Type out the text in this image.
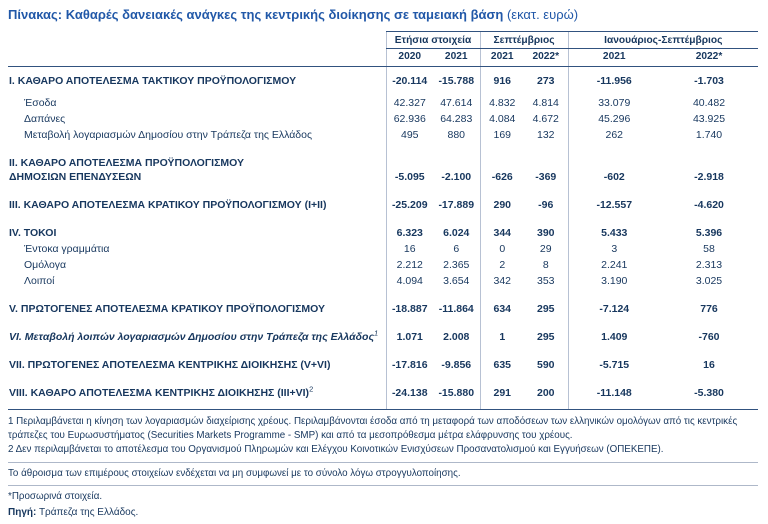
Πίνακας: Καθαρές δανειακές ανάγκες της κεντρικής διοίκησης σε ταμειακή βάση (εκατ. ευρώ)
	Ετήσια στοιχεία		Σεπτέμβριος		Ιανουάριος-Σεπτέμβριος	
	2020	2021	2021	2022*	2021	2022*

I. ΚΑΘΑΡΟ ΑΠΟΤΕΛΕΣΜΑ ΤΑΚΤΙΚΟΥ ΠΡΟΫΠΟΛΟΓΙΣΜΟΥ	-20.114	-15.788	916	273	-11.956	-1.703

Έσοδα	42.327	47.614	4.832	4.814	33.079	40.482

Δαπάνες	62.936	64.283	4.084	4.672	45.296	43.925

Μεταβολή λογαριασμών Δημοσίου στην Τράπεζα της Ελλάδος	495	880	169	132	262	1.740

II. ΚΑΘΑΡΟ ΑΠΟΤΕΛΕΣΜΑ ΠΡΟΫΠΟΛΟΓΙΣΜΟΥ
ΔΗΜΟΣΙΩΝ ΕΠΕΝΔΥΣΕΩΝ	-5.095	-2.100	-626	-369	-602	-2.918

III. ΚΑΘΑΡΟ ΑΠΟΤΕΛΕΣΜΑ ΚΡΑΤΙΚΟΥ ΠΡΟΫΠΟΛΟΓΙΣΜΟΥ (I+II)	-25.209	-17.889	290	-96	-12.557	-4.620

IV. ΤΟΚΟΙ	6.323	6.024	344	390	5.433	5.396

Έντοκα γραμμάτια	16	6	0	29	3	58

Ομόλογα	2.212	2.365	2	8	2.241	2.313

Λοιποί	4.094	3.654	342	353	3.190	3.025

V. ΠΡΩΤΟΓΕΝΕΣ ΑΠΟΤΕΛΕΣΜΑ ΚΡΑΤΙΚΟΥ ΠΡΟΫΠΟΛΟΓΙΣΜΟΥ	-18.887	-11.864	634	295	-7.124	776

VI. Μεταβολή λοιπών λογαριασμών Δημοσίου στην Τράπεζα της Ελλάδος$^1$	1.071	2.008	1	295	1.409	-760

VII. ΠΡΩΤΟΓΕΝΕΣ ΑΠΟΤΕΛΕΣΜΑ ΚΕΝΤΡΙΚΗΣ ΔΙΟΙΚΗΣΗΣ (V+VI)	-17.816	-9.856	635	590	-5.715	16

VIII. ΚΑΘΑΡΟ ΑΠΟΤΕΛΕΣΜΑ ΚΕΝΤΡΙΚΗΣ ΔΙΟΙΚΗΣΗΣ $(III+VI)^2$	-24.138	-15.880	291	200	-11.148	-5.380
1 Περιλαμβάνεται η κίνηση των λογαριασμών διαχείρισης χρέους. Περιλαμβάνονται έσοδα από τη μεταφορά των αποδόσεων των ελληνικών ομολόγων από τις κεντρικές τράπεζες του Ευρωσυστήματος (Securities Markets Programme - SMP) και από τα μεσοπρόθεσμα μέτρα ελάφρυνσης του χρέους.
2 Δεν περιλαμβάνεται το αποτέλεσμα του Οργανισμού Πληρωμών και Ελέγχου Κοινοτικών Ενισχύσεων Προσανατολισμού και Εγγυήσεων (ΟΠΕΚΕΠΕ).
Το άθροισμα των επιμέρους στοιχείων ενδέχεται να μη συμφωνεί με το σύνολο λόγω στρογγυλοποίησης.
*Προσωρινά στοιχεία.
Πηγή: Τράπεζα της Ελλάδος.
